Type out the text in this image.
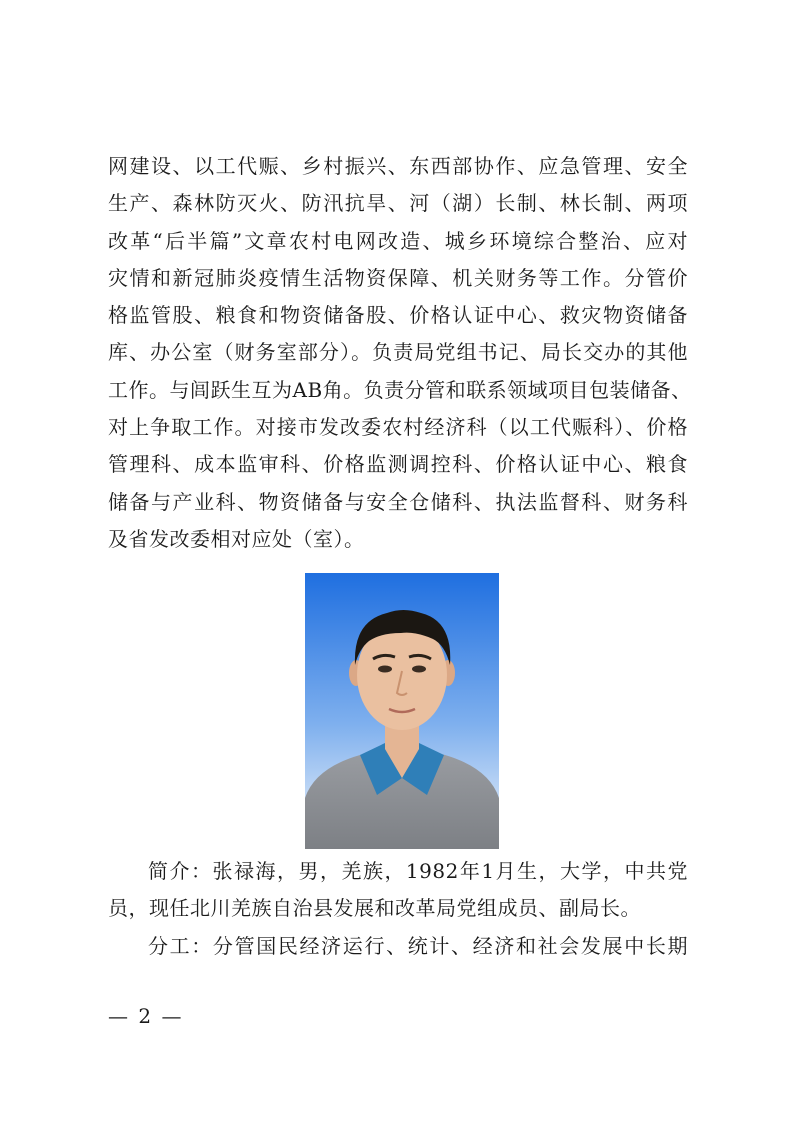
网建设、以工代赈、乡村振兴、东西部协作、应急管理、安全
生产、森林防灭火、防汛抗旱、河（湖）长制、林长制、两项
改革“后半篇”文章农村电网改造、城乡环境综合整治、应对
灾情和新冠肺炎疫情生活物资保障、机关财务等工作。分管价
格监管股、粮食和物资储备股、价格认证中心、救灾物资储备
库、办公室（财务室部分）。负责局党组书记、局长交办的其他
工作。与闾跃生互为AB角。负责分管和联系领域项目包装储备、
对上争取工作。对接市发改委农村经济科（以工代赈科）、价格
管理科、成本监审科、价格监测调控科、价格认证中心、粮食
储备与产业科、物资储备与安全仓储科、执法监督科、财务科
及省发改委相对应处（室）。
简介：张禄海，男，羌族，1982年1月生，大学，中共党
员，现任北川羌族自治县发展和改革局党组成员、副局长。
分工：分管国民经济运行、统计、经济和社会发展中长期
— 2 —
